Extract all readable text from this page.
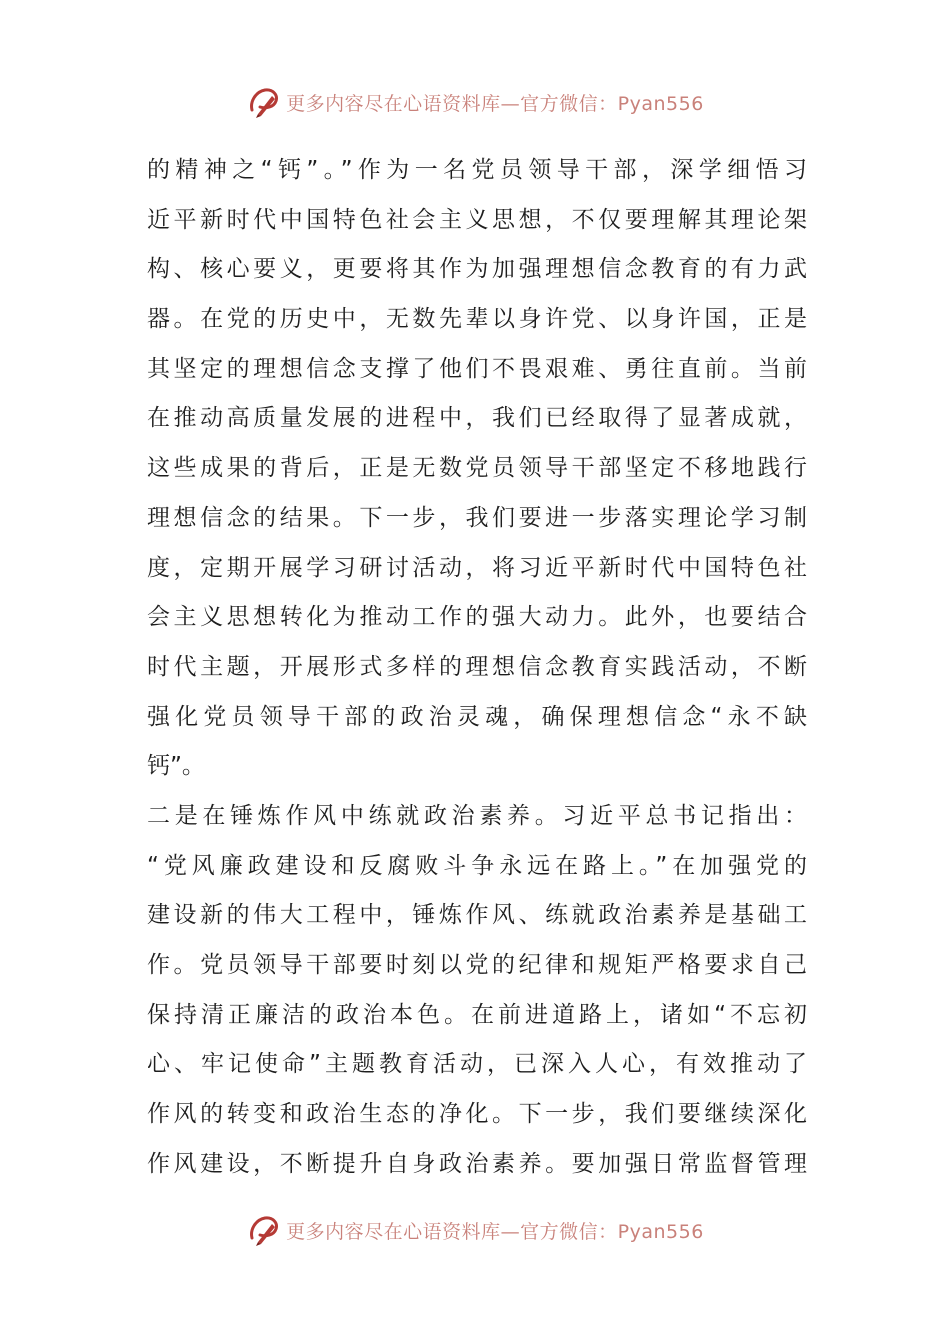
更多内容尽在心语资料库—官方微信：Pyan556
的精神之“钙”。”作为一名党员领导干部，深学细悟习
近平新时代中国特色社会主义思想，不仅要理解其理论架
构、核心要义，更要将其作为加强理想信念教育的有力武
器。在党的历史中，无数先辈以身许党、以身许国，正是
其坚定的理想信念支撑了他们不畏艰难、勇往直前。当前
在推动高质量发展的进程中，我们已经取得了显著成就，
这些成果的背后，正是无数党员领导干部坚定不移地践行
理想信念的结果。下一步，我们要进一步落实理论学习制
度，定期开展学习研讨活动，将习近平新时代中国特色社
会主义思想转化为推动工作的强大动力。此外，也要结合
时代主题，开展形式多样的理想信念教育实践活动，不断
强化党员领导干部的政治灵魂，确保理想信念“永不缺
钙”。
二是在锤炼作风中练就政治素养。习近平总书记指出：
“党风廉政建设和反腐败斗争永远在路上。”在加强党的
建设新的伟大工程中，锤炼作风、练就政治素养是基础工
作。党员领导干部要时刻以党的纪律和规矩严格要求自己
保持清正廉洁的政治本色。在前进道路上，诸如“不忘初
心、牢记使命”主题教育活动，已深入人心，有效推动了
作风的转变和政治生态的净化。下一步，我们要继续深化
作风建设，不断提升自身政治素养。要加强日常监督管理
更多内容尽在心语资料库—官方微信：Pyan556
